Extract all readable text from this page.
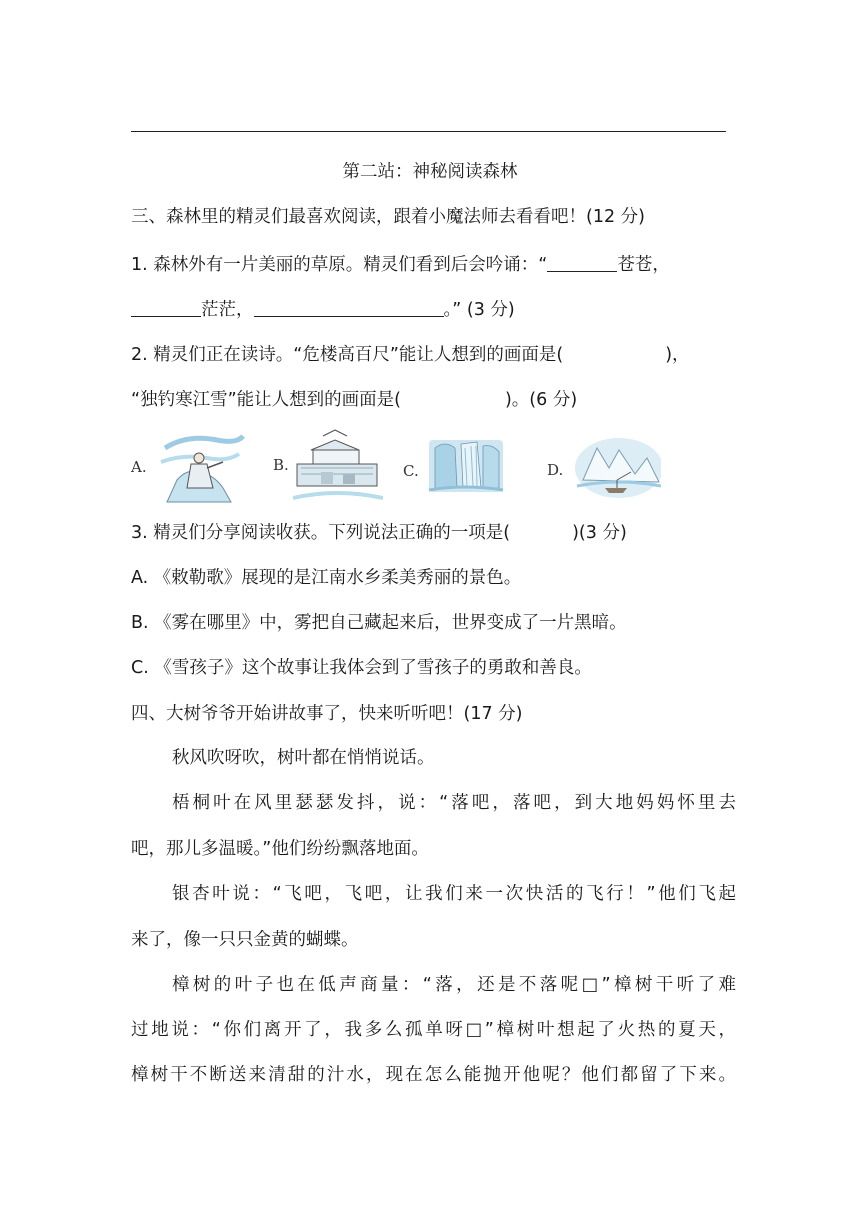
第二站：神秘阅读森林
三、森林里的精灵们最喜欢阅读，跟着小魔法师去看看吧！(12 分)
1. 森林外有一片美丽的草原。精灵们看到后会吟诵：“	苍苍，
茫茫，	。” (3 分)
2. 精灵们正在读诗。“危楼高百尺”能让人想到的画面是(	)，
“独钓寒江雪”能让人想到的画面是(	)。(6 分)
A.	B.	C.	D.
3. 精灵们分享阅读收获。下列说法正确的一项是(	)(3 分)
A. 《敕勒歌》展现的是江南水乡柔美秀丽的景色。
B. 《雾在哪里》中，雾把自己藏起来后，世界变成了一片黑暗。
C. 《雪孩子》这个故事让我体会到了雪孩子的勇敢和善良。
四、大树爷爷开始讲故事了，快来听听吧！(17 分)
秋风吹呀吹，树叶都在悄悄说话。
梧桐叶在风里瑟瑟发抖，说：“落吧，落吧，到大地妈妈怀里去
吧，那儿多温暖。”他们纷纷飘落地面。
银杏叶说：“飞吧，飞吧，让我们来一次快活的飞行！”他们飞起
来了，像一只只金黄的蝴蝶。
樟树的叶子也在低声商量：“落，还是不落呢□”樟树干听了难
过地说：“你们离开了，我多么孤单呀□”樟树叶想起了火热的夏天，
樟树干不断送来清甜的汁水，现在怎么能抛开他呢？他们都留了下来。
